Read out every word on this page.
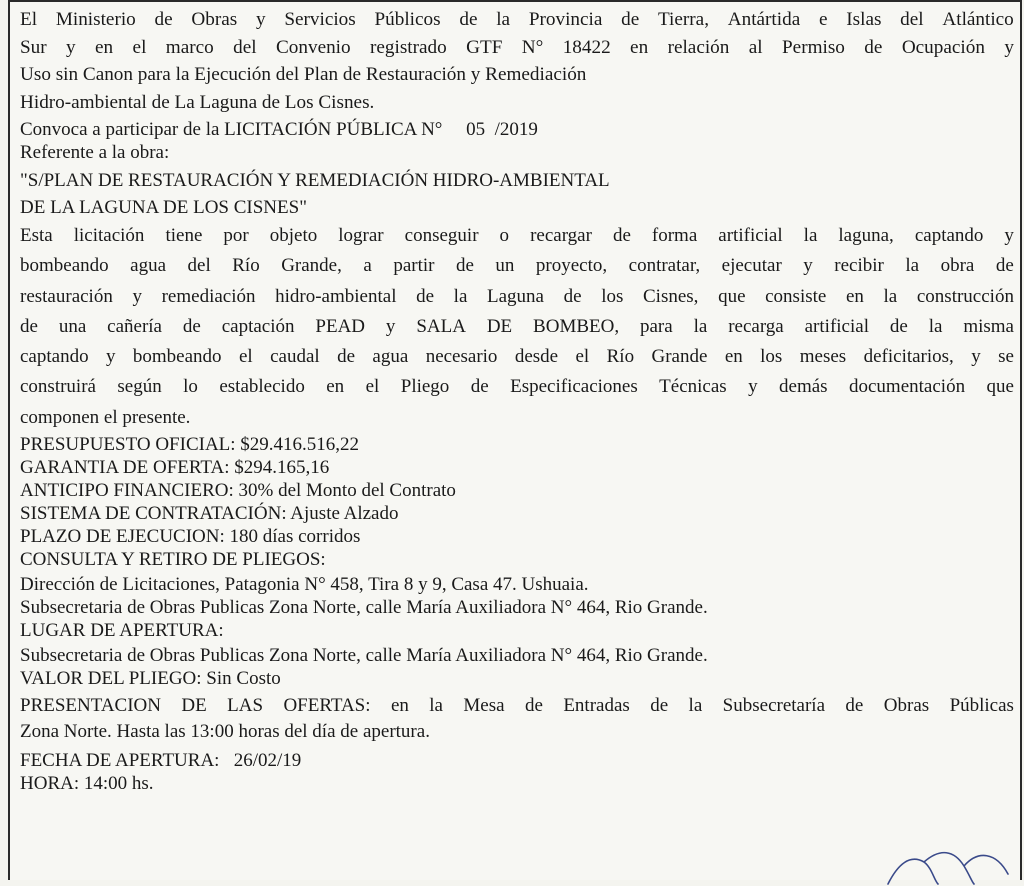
El Ministerio de Obras y Servicios Públicos de la Provincia de Tierra, Antártida e Islas del Atlántico
Sur y en el marco del Convenio registrado GTF N° 18422 en relación al Permiso de Ocupación y
Uso sin Canon para la Ejecución del Plan de Restauración y Remediación
Hidro-ambiental de La Laguna de Los Cisnes.
Convoca a participar de la LICITACIÓN PÚBLICA N°     05  /2019
Referente a la obra:
"S/PLAN DE RESTAURACIÓN Y REMEDIACIÓN HIDRO-AMBIENTAL
DE LA LAGUNA DE LOS CISNES"
Esta licitación tiene por objeto lograr conseguir o recargar de forma artificial la laguna, captando y
bombeando agua del Río Grande, a partir de un proyecto, contratar, ejecutar y recibir la obra de
restauración y remediación hidro-ambiental de la Laguna de los Cisnes, que consiste en la construcción
de una cañería de captación PEAD y SALA DE BOMBEO, para la recarga artificial de la misma
captando y bombeando el caudal de agua necesario desde el Río Grande en los meses deficitarios, y se
construirá según lo establecido en el Pliego de Especificaciones Técnicas y demás documentación que
componen el presente.
PRESUPUESTO OFICIAL: $29.416.516,22
GARANTIA DE OFERTA: $294.165,16
ANTICIPO FINANCIERO: 30% del Monto del Contrato
SISTEMA DE CONTRATACIÓN: Ajuste Alzado
PLAZO DE EJECUCION: 180 días corridos
CONSULTA Y RETIRO DE PLIEGOS:
Dirección de Licitaciones, Patagonia N° 458, Tira 8 y 9, Casa 47. Ushuaia.
Subsecretaria de Obras Publicas Zona Norte, calle María Auxiliadora N° 464, Rio Grande.
LUGAR DE APERTURA:
Subsecretaria de Obras Publicas Zona Norte, calle María Auxiliadora N° 464, Rio Grande.
VALOR DEL PLIEGO: Sin Costo
PRESENTACION DE LAS OFERTAS: en la Mesa de Entradas de la Subsecretaría de Obras Públicas
Zona Norte. Hasta las 13:00 horas del día de apertura.
FECHA DE APERTURA:   26/02/19
HORA: 14:00 hs.
